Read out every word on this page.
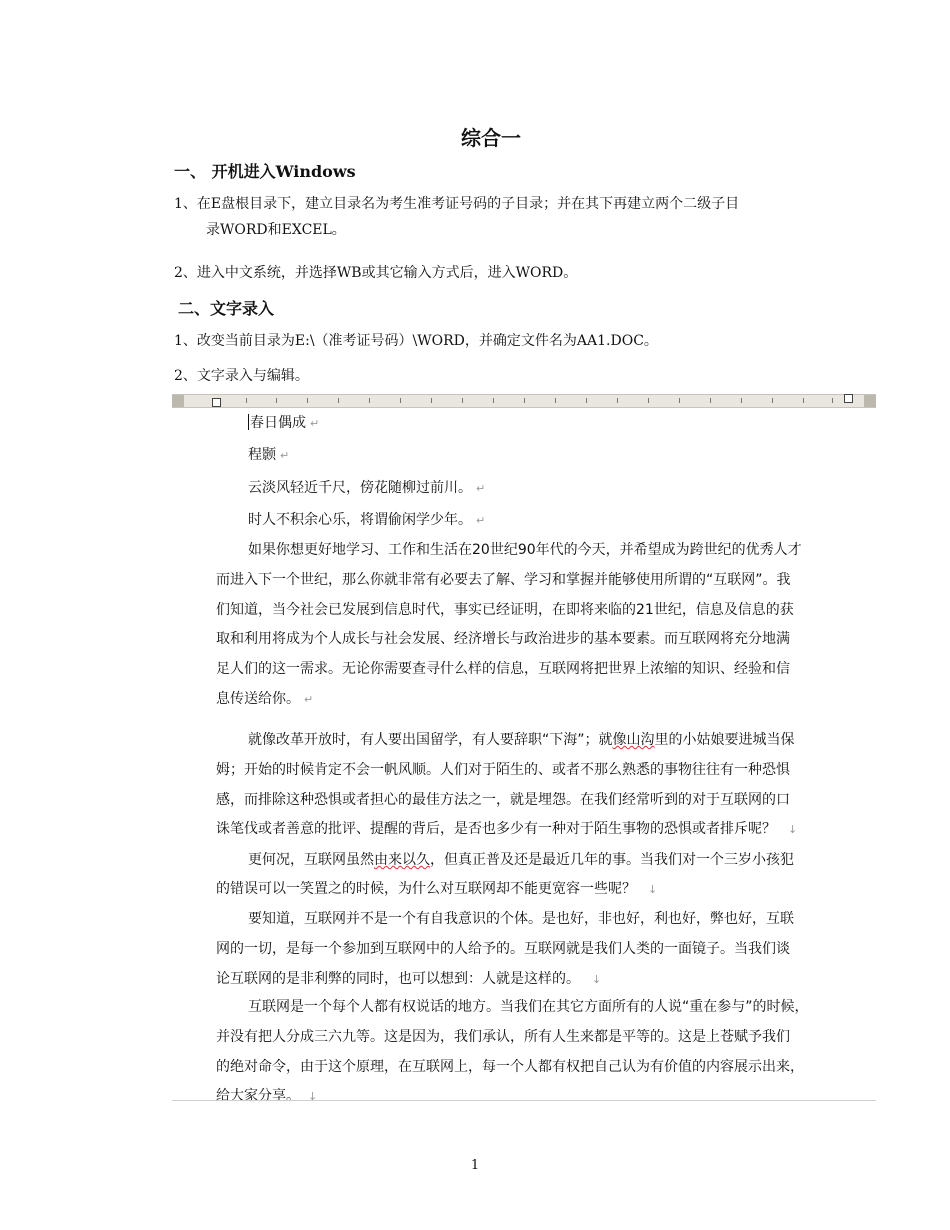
综合一
一、 开机进入Windows
1、在E盘根目录下，建立目录名为考生准考证号码的子目录；并在其下再建立两个二级子目
录WORD和EXCEL。
2、进入中文系统，并选择WB或其它输入方式后，进入WORD。
二、文字录入
1、改变当前目录为E:\（准考证号码）\WORD，并确定文件名为AA1.DOC。
2、文字录入与编辑。
春日偶成 ↵
程颢 ↵
云淡风轻近千尺，傍花随柳过前川。 ↵
时人不积余心乐，将谓偷闲学少年。 ↵
如果你想更好地学习、工作和生活在20世纪90年代的今天，并希望成为跨世纪的优秀人才
而进入下一个世纪，那么你就非常有必要去了解、学习和掌握并能够使用所谓的“互联网”。我
们知道，当今社会已发展到信息时代，事实已经证明，在即将来临的21世纪，信息及信息的获
取和利用将成为个人成长与社会发展、经济增长与政治进步的基本要素。而互联网将充分地满
足人们的这一需求。无论你需要查寻什么样的信息，互联网将把世界上浓缩的知识、经验和信
息传送给你。 ↵
就像改革开放时，有人要出国留学，有人要辞职“下海”；就像山沟里的小姑娘要进城当保
姆；开始的时候肯定不会一帆风顺。人们对于陌生的、或者不那么熟悉的事物往往有一种恐惧
感，而排除这种恐惧或者担心的最佳方法之一，就是埋怨。在我们经常听到的对于互联网的口
诛笔伐或者善意的批评、提醒的背后，是否也多少有一种对于陌生事物的恐惧或者排斥呢？ ↓
更何况，互联网虽然由来以久，但真正普及还是最近几年的事。当我们对一个三岁小孩犯
的错误可以一笑置之的时候，为什么对互联网却不能更宽容一些呢？ ↓
要知道，互联网并不是一个有自我意识的个体。是也好，非也好，利也好，弊也好，互联
网的一切，是每一个参加到互联网中的人给予的。互联网就是我们人类的一面镜子。当我们谈
论互联网的是非利弊的同时，也可以想到：人就是这样的。 ↓
互联网是一个每个人都有权说话的地方。当我们在其它方面所有的人说“重在参与”的时候，
并没有把人分成三六九等。这是因为，我们承认，所有人生来都是平等的。这是上苍赋予我们
的绝对命令，由于这个原理，在互联网上，每一个人都有权把自己认为有价值的内容展示出来，
给大家分享。 ↓
1
